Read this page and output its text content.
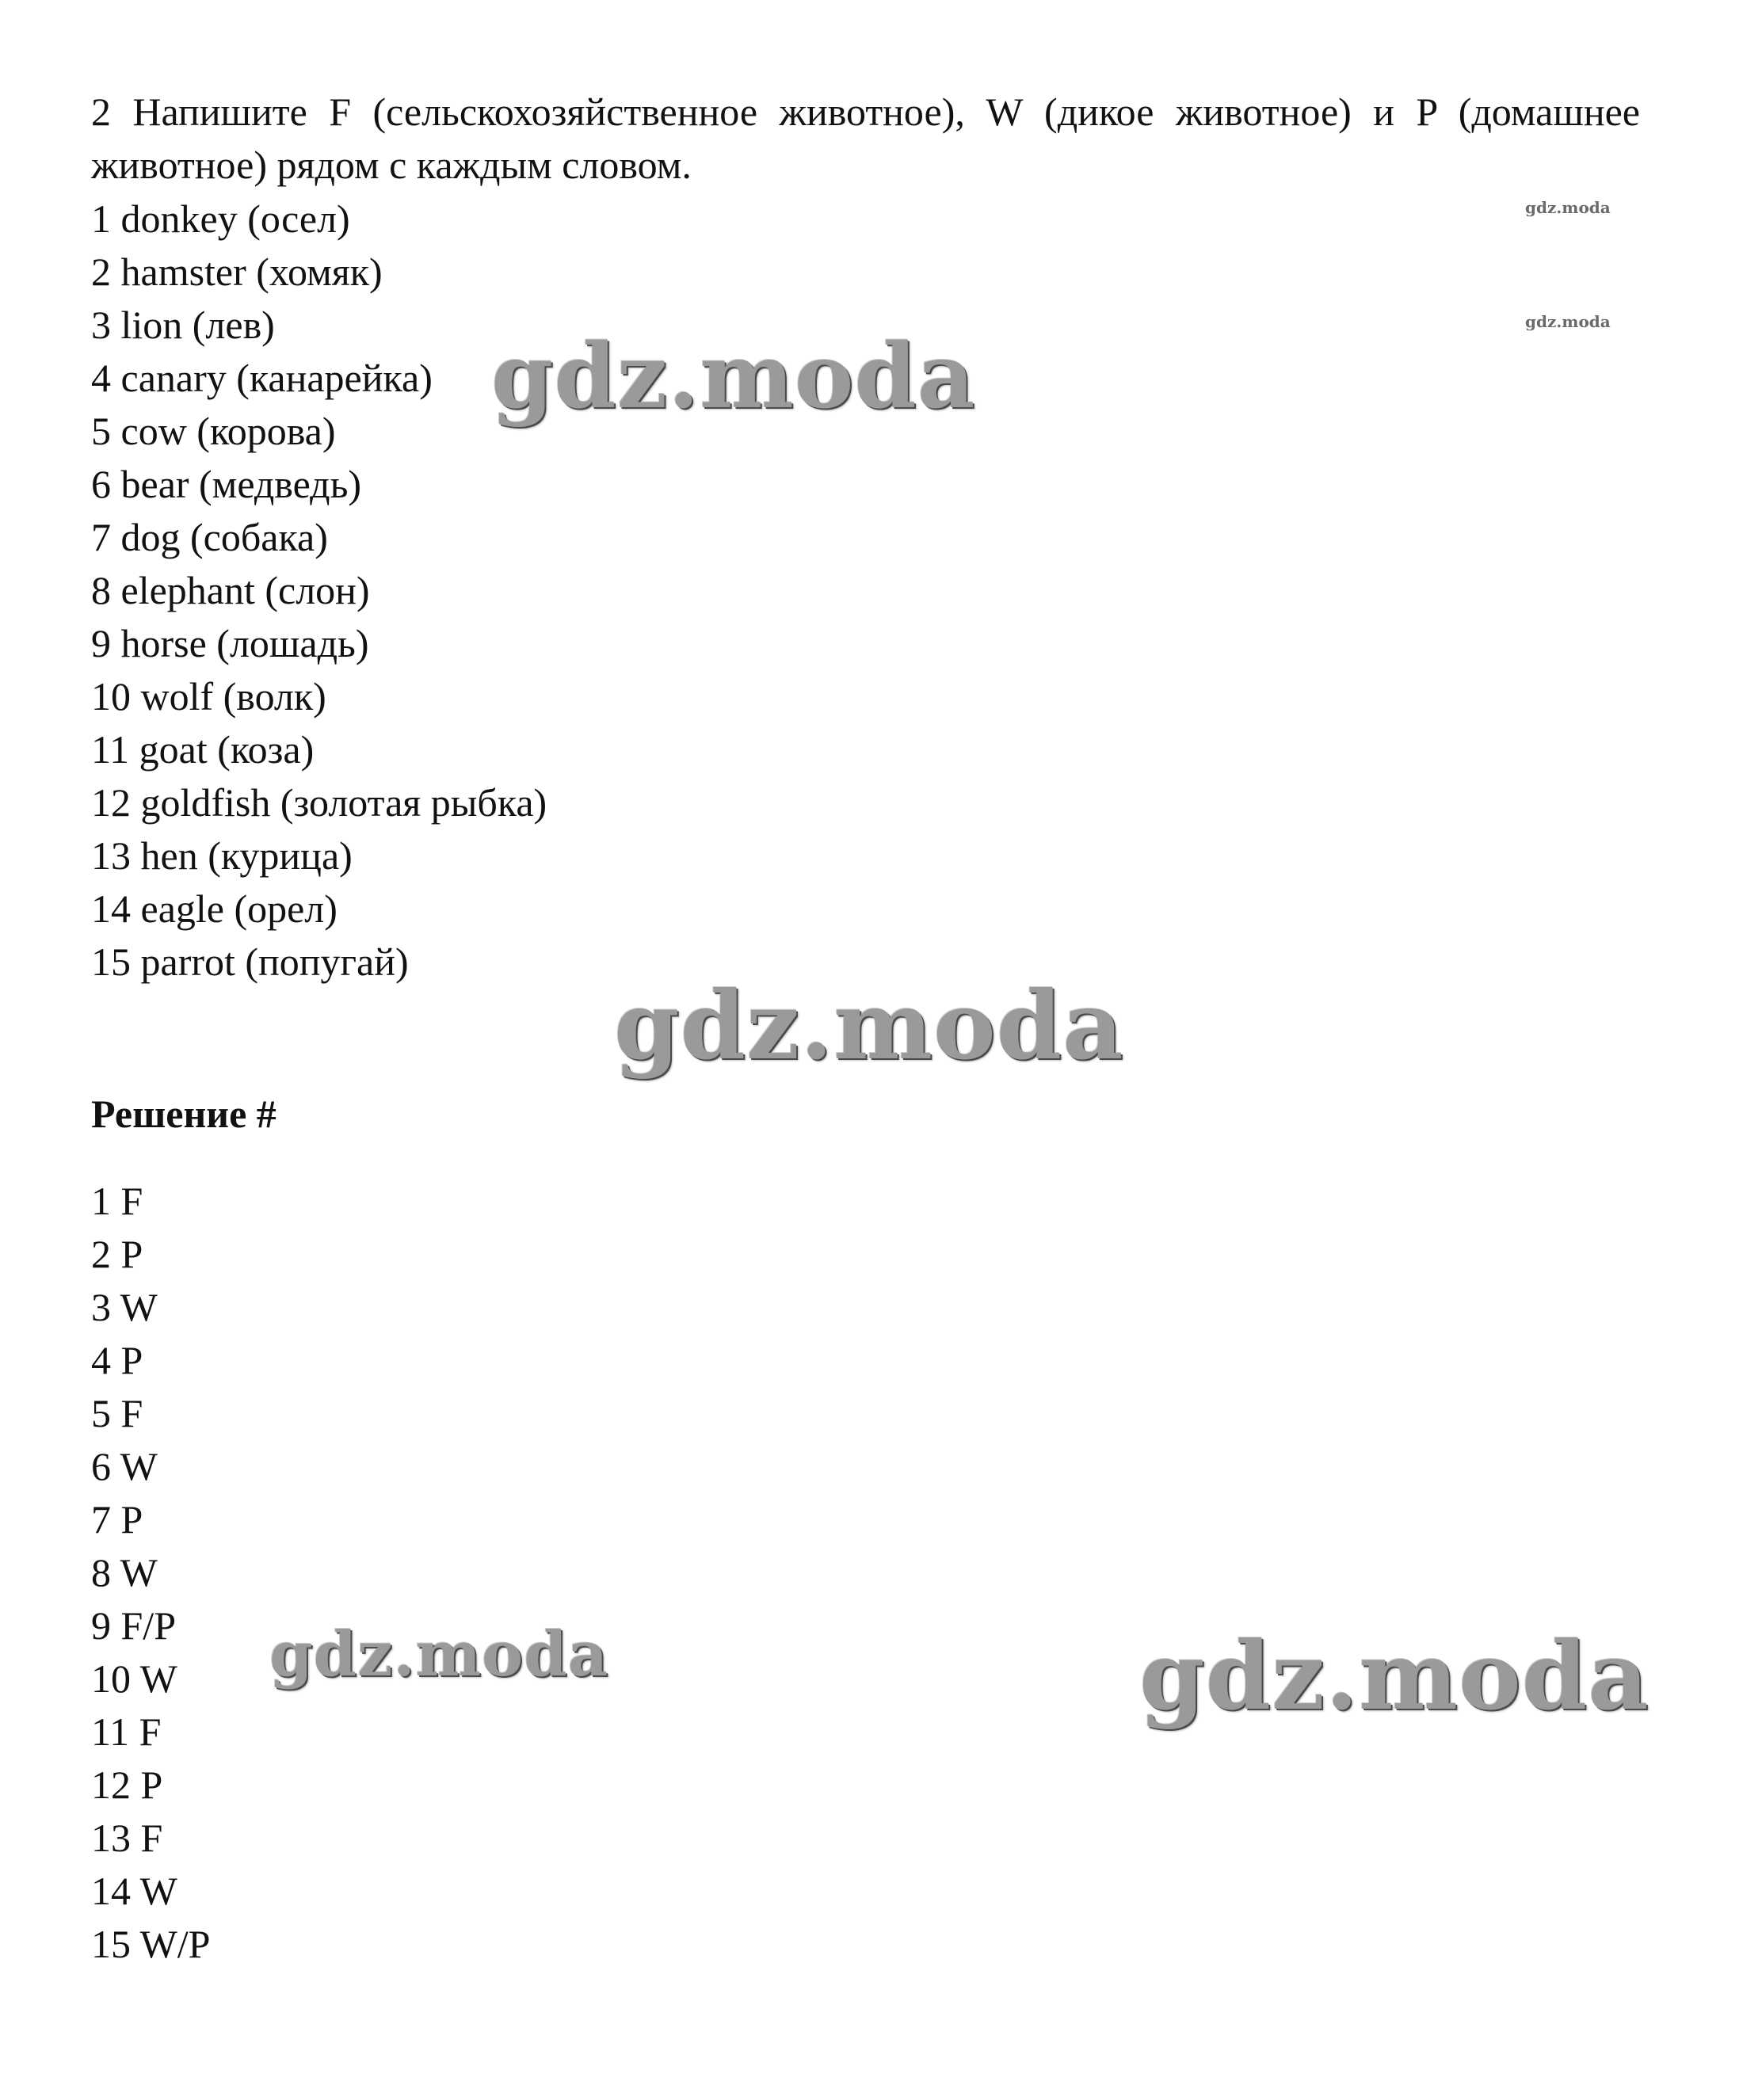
2 Напишите F (сельскохозяйственное животное), W (дикое животное) и P (домашнее животное) рядом с каждым словом.
1 donkey (осел)
2 hamster (хомяк)
3 lion (лев)
4 canary (канарейка)
5 cow (корова)
6 bear (медведь)
7 dog (собака)
8 elephant (слон)
9 horse (лошадь)
10 wolf (волк)
11 goat (коза)
12 goldfish (золотая рыбка)
13 hen (курица)
14 eagle (орел)
15 parrot (попугай)
Решение #
1 F
2 P
3 W
4 P
5 F
6 W
7 P
8 W
9 F/P
10 W
11 F
12 P
13 F
14 W
15 W/P
gdz.moda
gdz.moda
gdz.moda
gdz.moda
gdz.moda	gdz.moda
